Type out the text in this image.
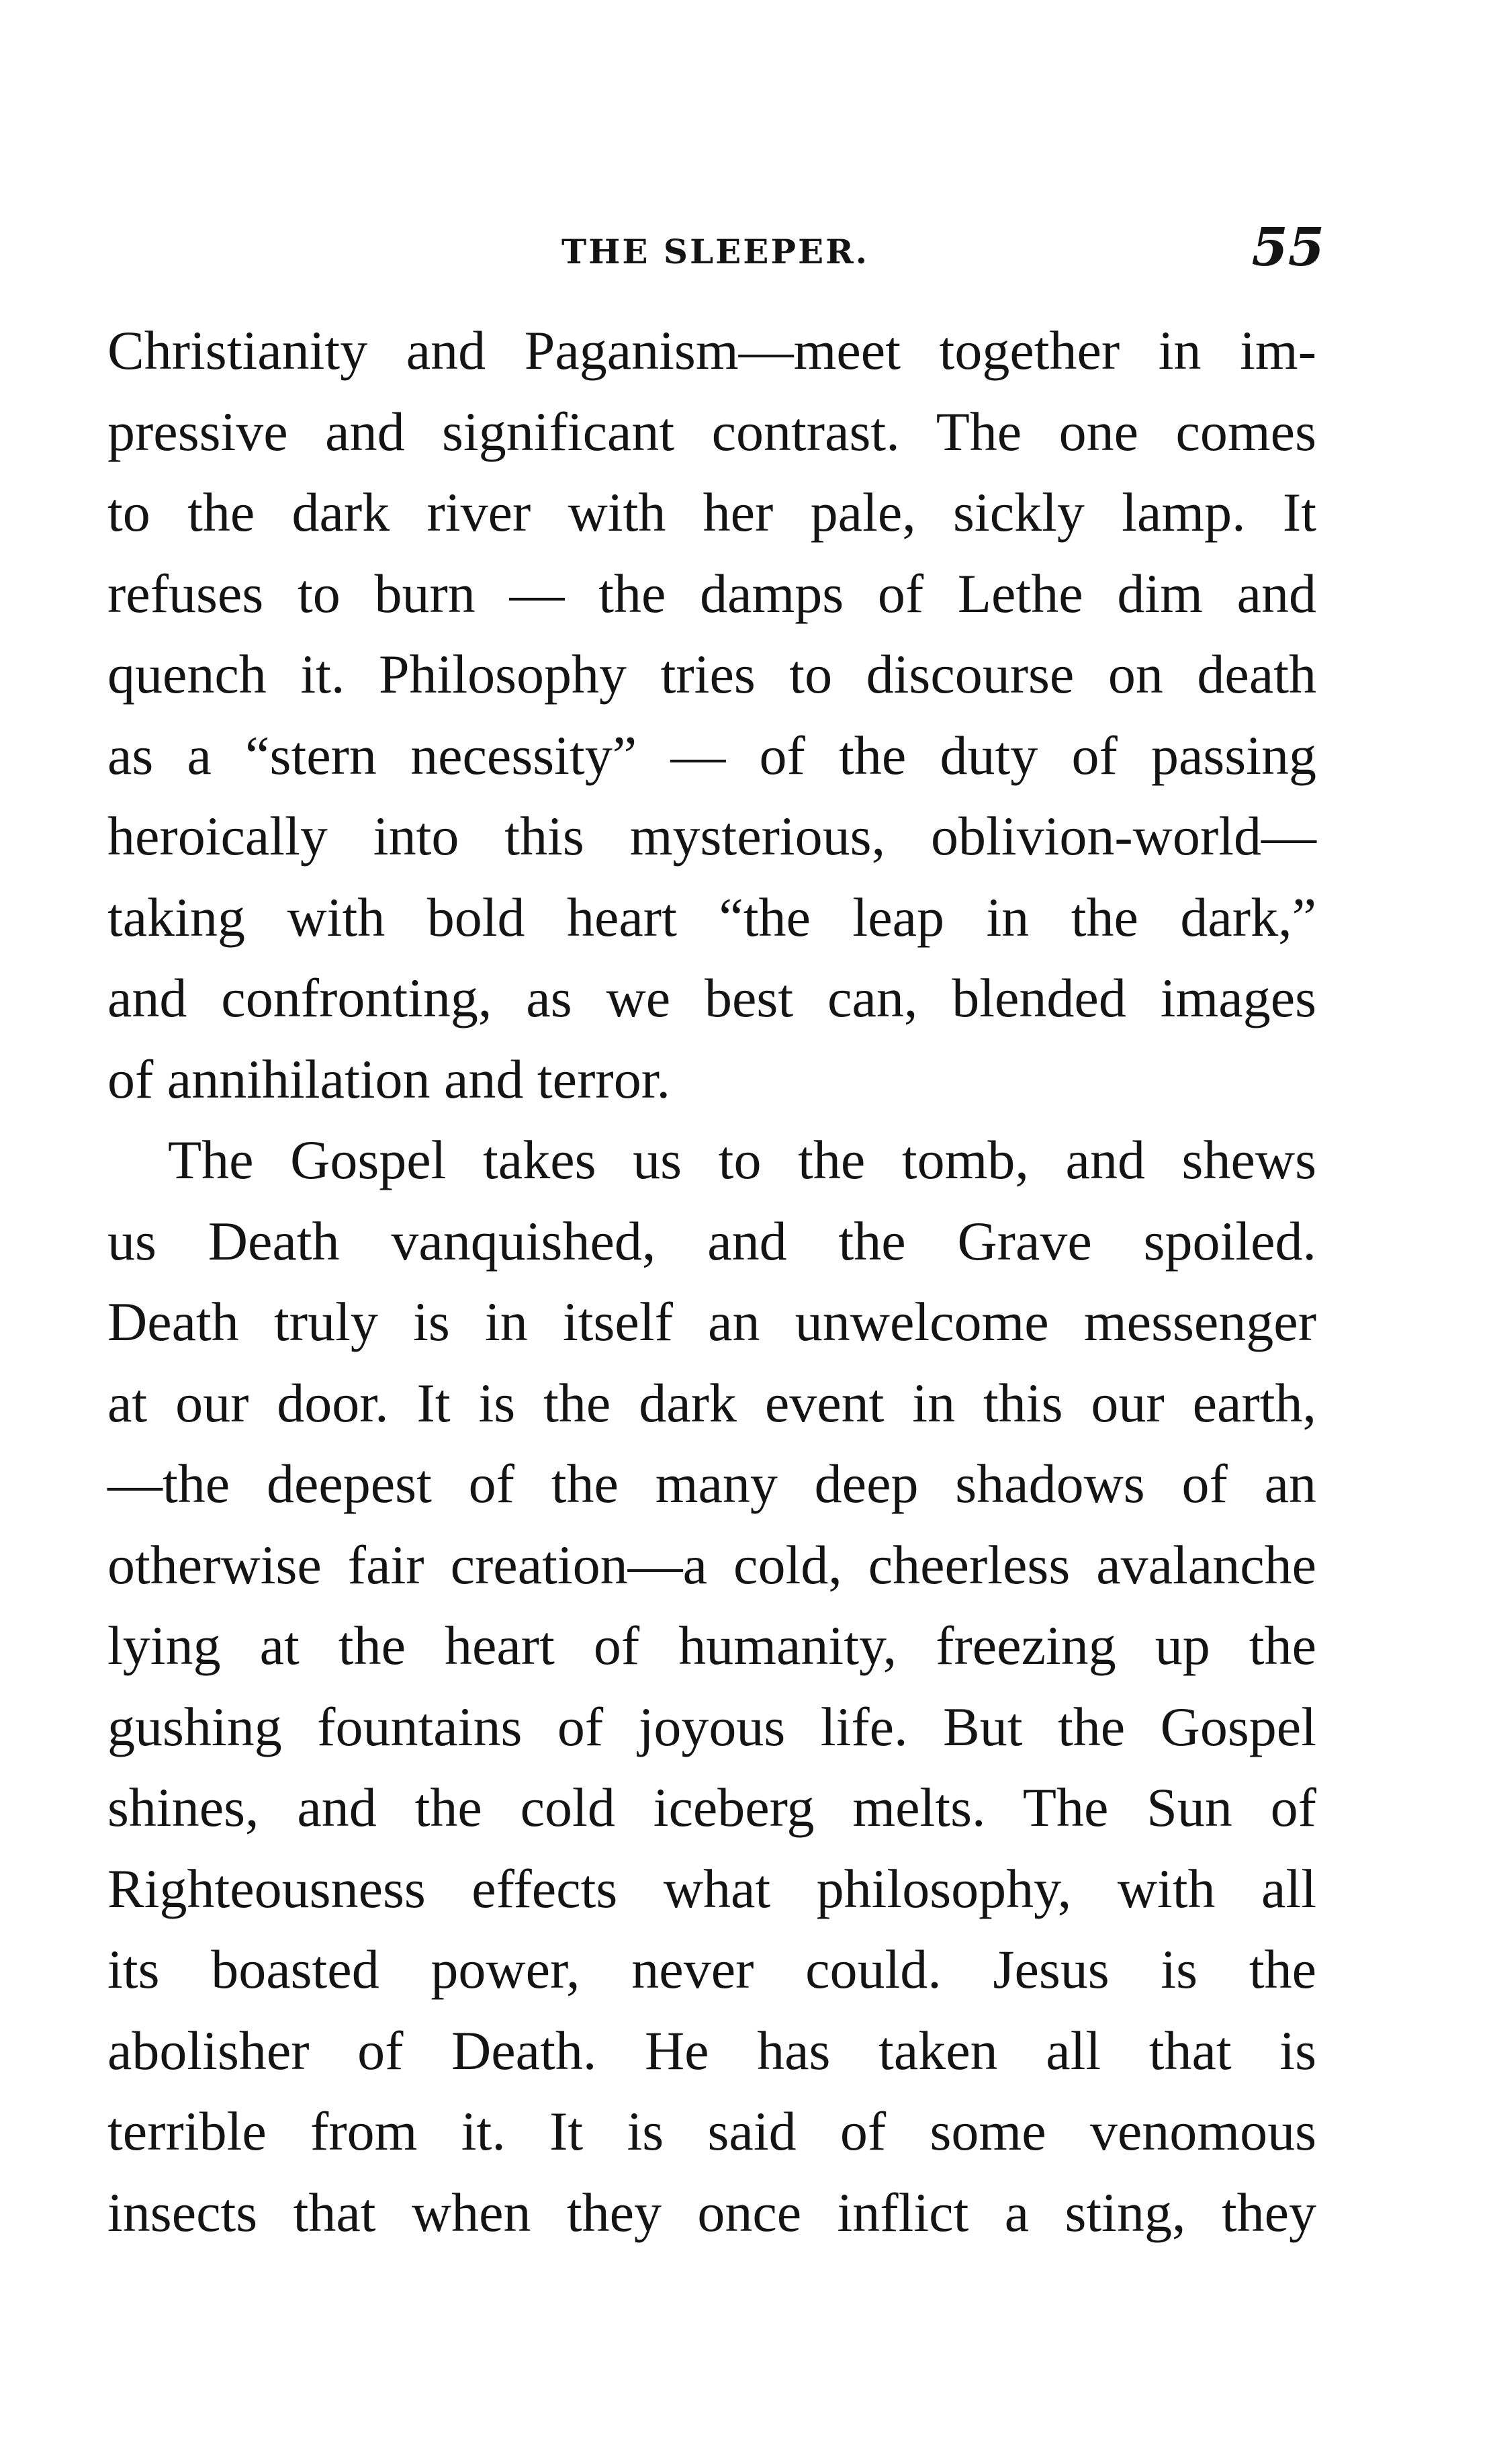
THE SLEEPER.	55
Christianity and Paganism—meet together in im-
pressive and significant contrast. The one comes
to the dark river with her pale, sickly lamp. It
refuses to burn — the damps of Lethe dim and
quench it. Philosophy tries to discourse on death
as a “stern necessity” — of the duty of passing
heroically into this mysterious, oblivion-world—
taking with bold heart “the leap in the dark,”
and confronting, as we best can, blended images
of annihilation and terror.
The Gospel takes us to the tomb, and shews
us Death vanquished, and the Grave spoiled.
Death truly is in itself an unwelcome messenger
at our door. It is the dark event in this our earth,
—the deepest of the many deep shadows of an
otherwise fair creation—a cold, cheerless avalanche
lying at the heart of humanity, freezing up the
gushing fountains of joyous life. But the Gospel
shines, and the cold iceberg melts. The Sun of
Righteousness effects what philosophy, with all
its boasted power, never could. Jesus is the
abolisher of Death. He has taken all that is
terrible from it. It is said of some venomous
insects that when they once inflict a sting, they
